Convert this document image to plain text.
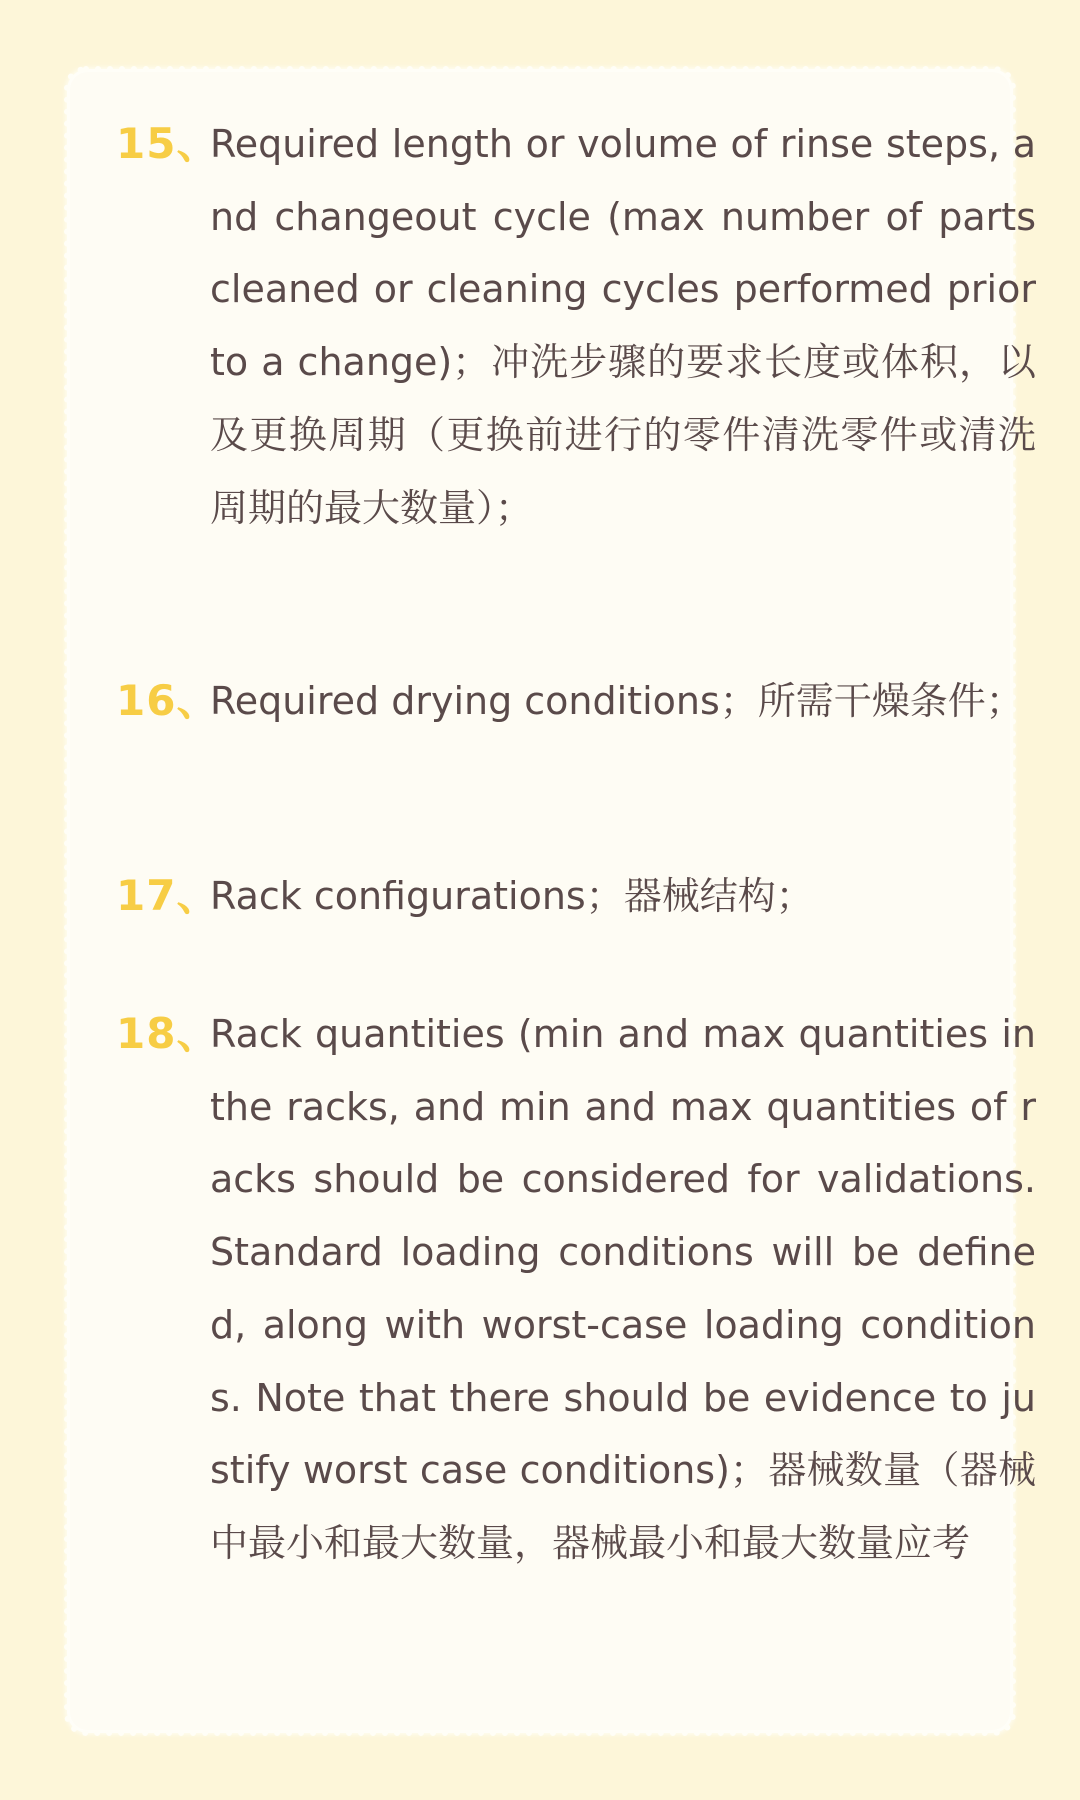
15、

Required length or volume of rinse steps, and changeout cycle (max number of parts cleaned or cleaning cycles performed prior to a change)；冲洗步骤的要求长度或体积，以及更换周期（更换前进行的零件清洗零件或清洗周期的最大数量）；

16、

Required drying conditions；所需干燥条件；

17、

Rack configurations；器械结构；

18、

Rack quantities (min and max quantities in the racks, and min and max quantities of racks should be considered for validations. Standard loading conditions will be defined, along with worst-case loading conditions. Note that there should be evidence to justify worst case conditions)；器械数量（器械中最小和最大数量，器械最小和最大数量应考
